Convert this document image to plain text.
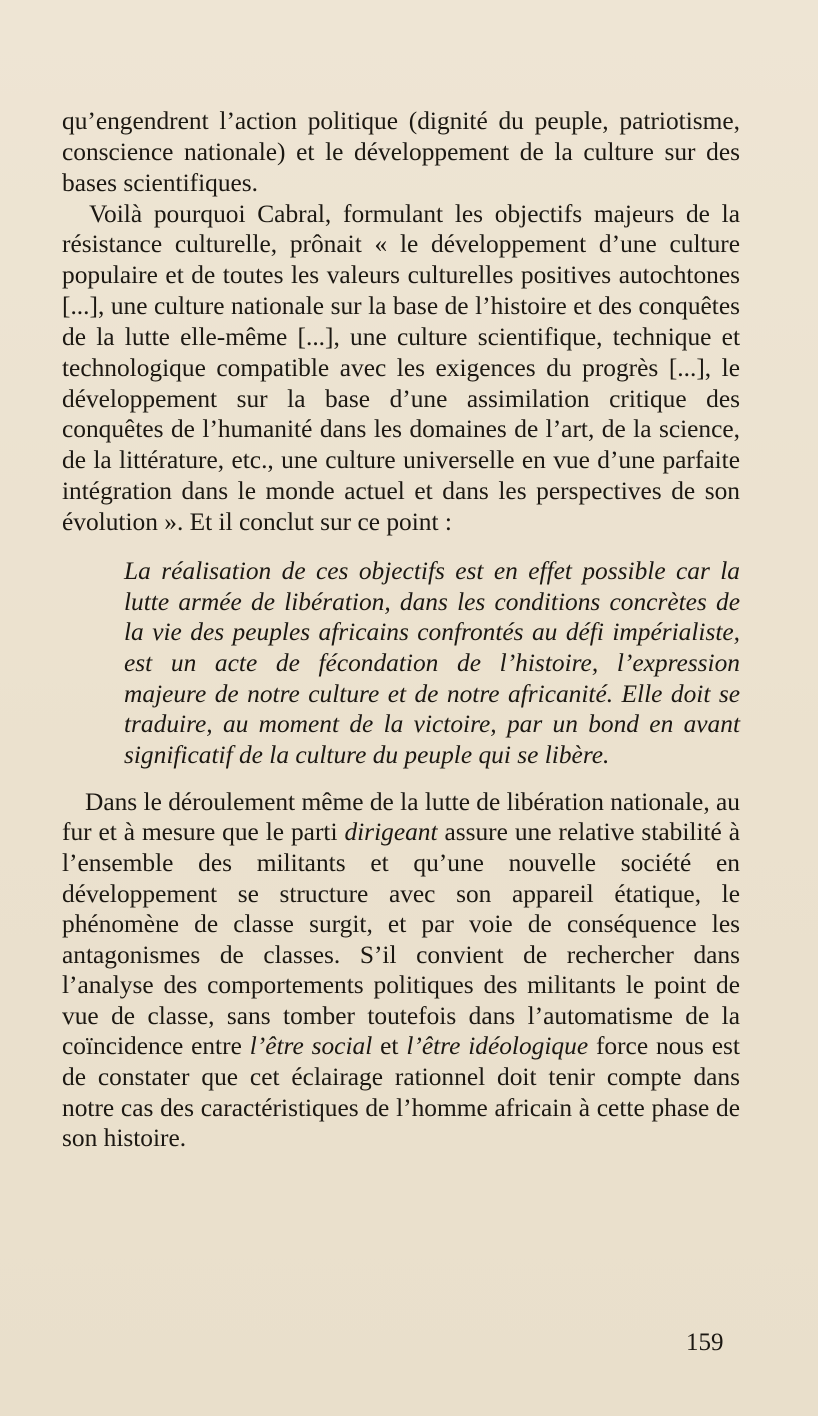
qu’engendrent l’action politique (dignité du peuple, patriotisme, conscience nationale) et le développement de la culture sur des bases scientifiques.

Voilà pourquoi Cabral, formulant les objectifs majeurs de la résistance culturelle, prônait « le développement d’une culture populaire et de toutes les valeurs culturelles positives autochtones [...], une culture nationale sur la base de l’histoire et des conquêtes de la lutte elle-même [...], une culture scientifique, technique et technologique compatible avec les exigences du progrès [...], le développement sur la base d’une assimilation critique des conquêtes de l’humanité dans les domaines de l’art, de la science, de la littérature, etc., une culture universelle en vue d’une parfaite intégration dans le monde actuel et dans les perspectives de son évolution ». Et il conclut sur ce point :

La réalisation de ces objectifs est en effet possible car la lutte armée de libération, dans les conditions concrètes de la vie des peuples africains confrontés au défi impérialiste, est un acte de fécondation de l’histoire, l’expression majeure de notre culture et de notre africanité. Elle doit se traduire, au moment de la victoire, par un bond en avant significatif de la culture du peuple qui se libère.

Dans le déroulement même de la lutte de libération nationale, au fur et à mesure que le parti dirigeant assure une relative stabilité à l’ensemble des militants et qu’une nouvelle société en développement se structure avec son appareil étatique, le phénomène de classe surgit, et par voie de conséquence les antagonismes de classes. S’il convient de rechercher dans l’analyse des comportements politiques des militants le point de vue de classe, sans tomber toutefois dans l’automatisme de la coïncidence entre l’être social et l’être idéologique force nous est de constater que cet éclairage rationnel doit tenir compte dans notre cas des caractéristiques de l’homme africain à cette phase de son histoire.

159
